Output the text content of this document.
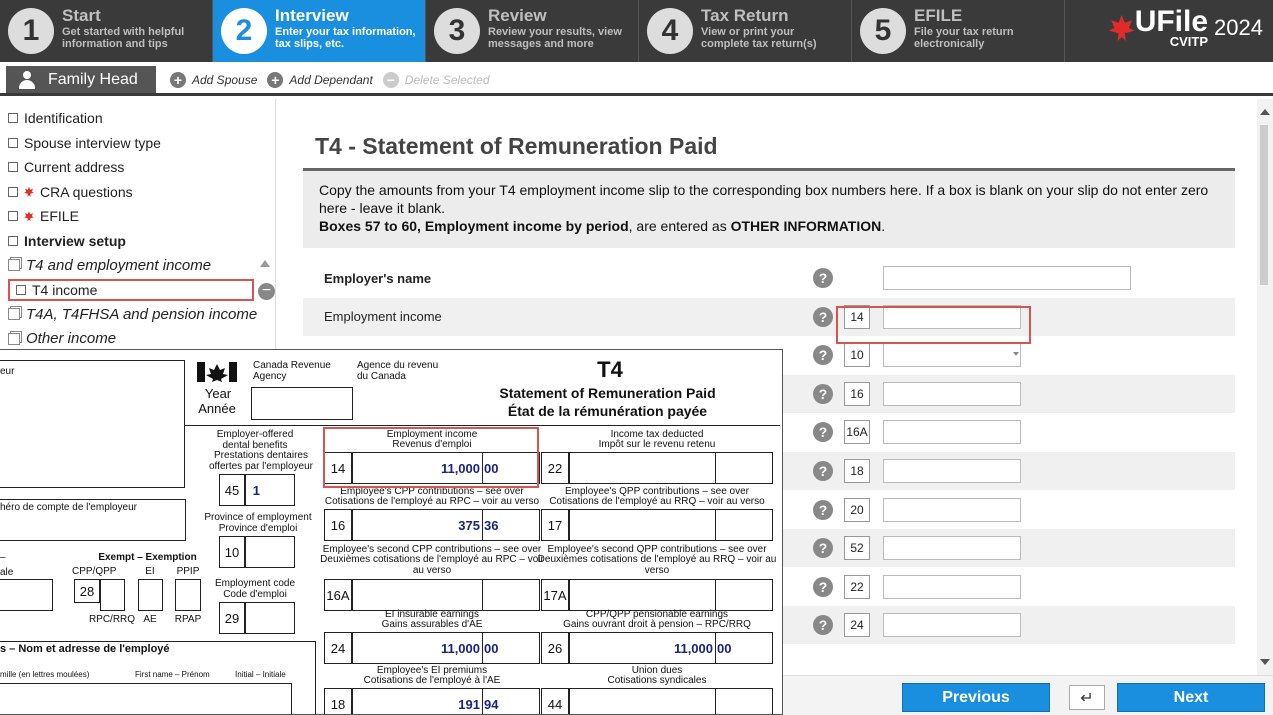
1	Start
Get started with helpful information and tips	2	Interview
Enter your tax information, tax slips, etc.	3	Review
Review your results, view messages and more	4	Tax Return
View or print your complete tax return(s)	5	EFILE
File your tax return electronically
UFile
CVITP
2024
Family Head	+ Add Spouse + Add Dependant − Delete Selected
Identification
Spouse interview type
Current address
CRA questions
EFILE
Interview setup
T4 and employment income
T4 income
T4A, T4FHSA and pension income
Other income
−
T4 - Statement of Remuneration Paid
Copy the amounts from your T4 employment income slip to the corresponding box numbers here. If a box is blank on your slip do not enter zero here - leave it blank.
Boxes 57 to 60, Employment income by period, are entered as OTHER INFORMATION.
Employer's name	?
Employment income	?	14
?	10
?	16
?	16A
?	18
?	20
?	52
?	22
?	24
Previous	↵	Next
eur
Canada Revenue Agency
Agence du revenu du Canada	T4
Statement of Remuneration Paid
État de la rémunération payée
Year
Année
héro de compte de l'employeur
Employer-offered dental benefits
Prestations dentaires offertes par l'employeur
45	1
Province of employment
Province d'emploi
10
–
ale
Exempt – Exemption
CPP/QPP	EI	PPIP
28
RPC/RRQ AE	RPAP
Employment code
Code d'emploi
29
s – Nom et adresse de l'employé
mille (en lettres moulées)	First name – Prénom	Initial – Initiale
Employment income
Revenus d'emploi
14	11,000 00
Income tax deducted
Impôt sur le revenu retenu
22
Employee's CPP contributions – see over
Cotisations de l'employé au RPC – voir au verso
16	375 36
Employee's QPP contributions – see over
Cotisations de l'employé au RRQ – voir au verso
17
Employee's second CPP contributions – see over
Deuxièmes cotisations de l'employé au RPC – voir au verso
16A
Employee's second QPP contributions – see over
Deuxièmes cotisations de l'employé au RRQ – voir au verso
17A
EI insurable earnings
Gains assurables d'AE
24	11,000 00
CPP/QPP pensionable earnings
Gains ouvrant droit à pension – RPC/RRQ
26	11,000 00
Employee's EI premiums
Cotisations de l'employé à l'AE
18	191 94
Union dues
Cotisations syndicales
44
